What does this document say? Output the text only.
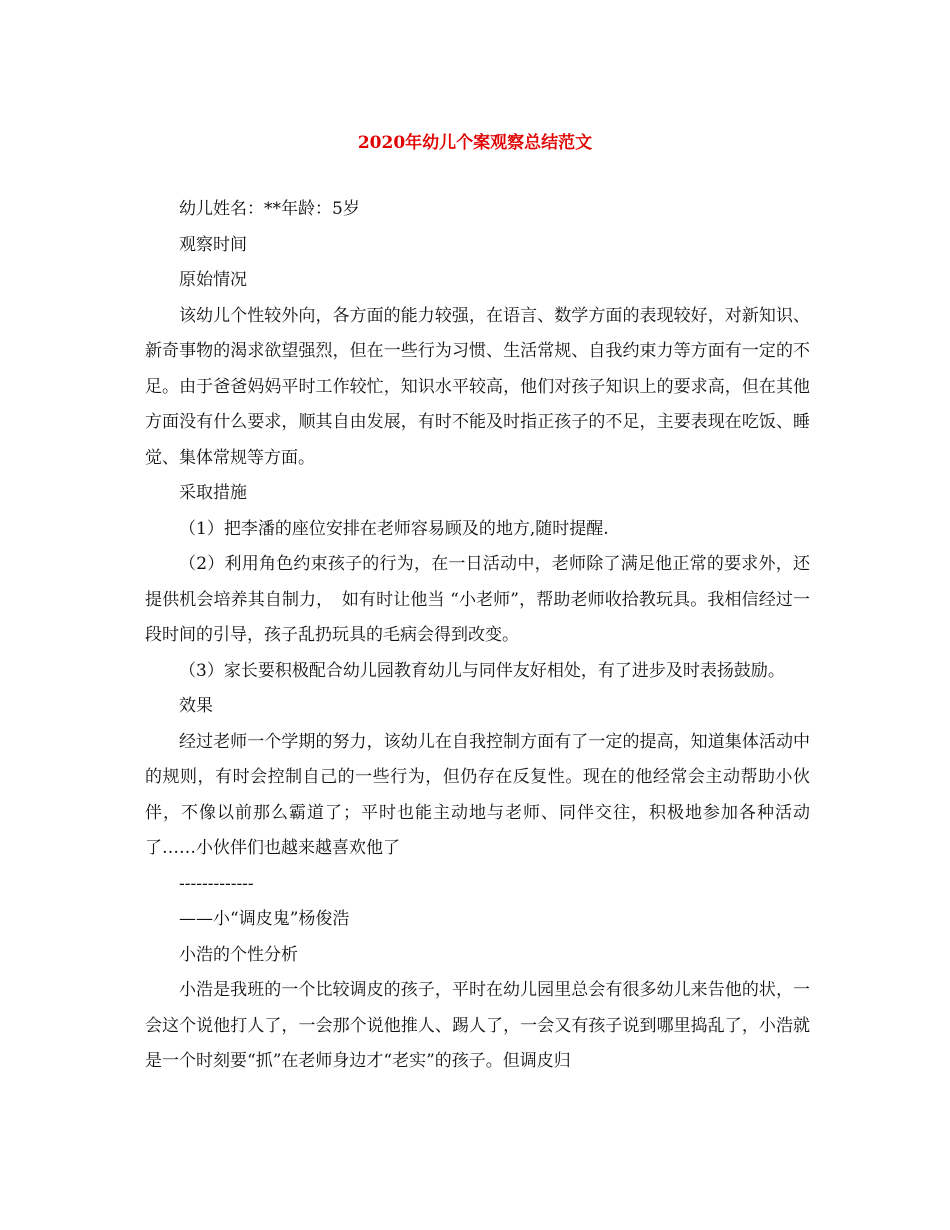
2020年幼儿个案观察总结范文

幼儿姓名：**年龄：5岁

观察时间

原始情况

该幼儿个性较外向，各方面的能力较强，在语言、数学方面的表现较好，对新知识、新奇事物的渴求欲望强烈，但在一些行为习惯、生活常规、自我约束力等方面有一定的不足。由于爸爸妈妈平时工作较忙，知识水平较高，他们对孩子知识上的要求高，但在其他方面没有什么要求，顺其自由发展，有时不能及时指正孩子的不足，主要表现在吃饭、睡觉、集体常规等方面。

采取措施

（1）把李潘的座位安排在老师容易顾及的地方,随时提醒.

（2）利用角色约束孩子的行为，在一日活动中，老师除了满足他正常的要求外，还提供机会培养其自制力，　如有时让他当 “小老师”，帮助老师收拾教玩具。我相信经过一段时间的引导，孩子乱扔玩具的毛病会得到改变。

（3）家长要积极配合幼儿园教育幼儿与同伴友好相处，有了进步及时表扬鼓励。

效果

经过老师一个学期的努力，该幼儿在自我控制方面有了一定的提高，知道集体活动中的规则，有时会控制自己的一些行为，但仍存在反复性。现在的他经常会主动帮助小伙伴，不像以前那么霸道了；平时也能主动地与老师、同伴交往，积极地参加各种活动了……小伙伴们也越来越喜欢他了

-------------

——小“调皮鬼”杨俊浩

小浩的个性分析

小浩是我班的一个比较调皮的孩子，平时在幼儿园里总会有很多幼儿来告他的状，一会这个说他打人了，一会那个说他推人、踢人了，一会又有孩子说到哪里捣乱了，小浩就是一个时刻要“抓”在老师身边才“老实”的孩子。但调皮归
